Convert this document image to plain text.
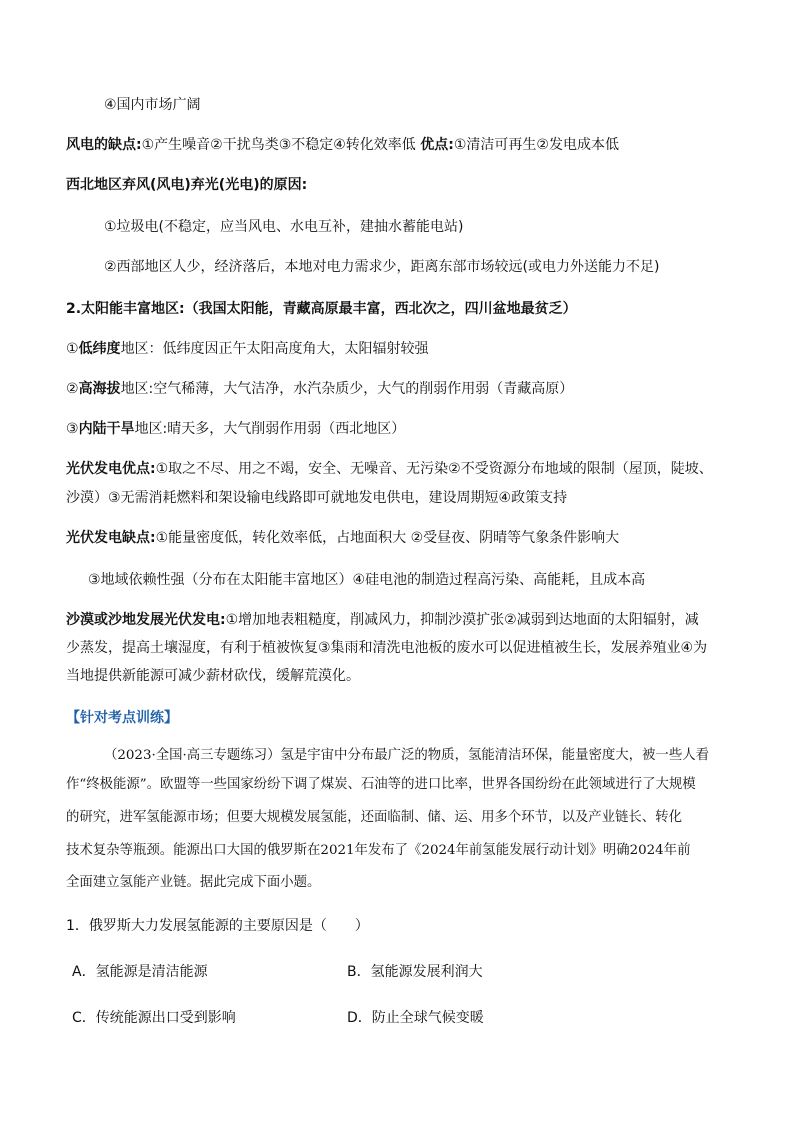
④国内市场广阔
风电的缺点:①产生噪音②干扰鸟类③不稳定④转化效率低 优点:①清洁可再生②发电成本低
西北地区弃风(风电)弃光(光电)的原因:
①垃圾电(不稳定，应当风电、水电互补，建抽水蓄能电站)
②西部地区人少，经济落后，本地对电力需求少，距离东部市场较远(或电力外送能力不足)
2.太阳能丰富地区:（我国太阳能，青藏高原最丰富，西北次之，四川盆地最贫乏）
①低纬度地区：低纬度因正午太阳高度角大，太阳辐射较强
②高海拔地区:空气稀薄，大气洁净，水汽杂质少，大气的削弱作用弱（青藏高原）
③内陆干旱地区:晴天多，大气削弱作用弱（西北地区）
光伏发电优点:①取之不尽、用之不竭，安全、无噪音、无污染②不受资源分布地域的限制（屋顶，陡坡、
沙漠）③无需消耗燃料和架设输电线路即可就地发电供电，建设周期短④政策支持
光伏发电缺点:①能量密度低，转化效率低，占地面积大 ②受昼夜、阴晴等气象条件影响大
③地域依赖性强（分布在太阳能丰富地区）④硅电池的制造过程高污染、高能耗，且成本高
沙漠或沙地发展光伏发电:①增加地表粗糙度，削减风力，抑制沙漠扩张②减弱到达地面的太阳辐射，减
少蒸发，提高土壤湿度，有利于植被恢复③集雨和清洗电池板的废水可以促进植被生长，发展养殖业④为
当地提供新能源可减少薪材砍伐，缓解荒漠化。
【针对考点训练】
（2023·全国·高三专题练习）氢是宇宙中分布最广泛的物质，氢能清洁环保，能量密度大，被一些人看
作“终极能源”。欧盟等一些国家纷纷下调了煤炭、石油等的进口比率，世界各国纷纷在此领域进行了大规模
的研究，进军氢能源市场；但要大规模发展氢能，还面临制、储、运、用多个环节，以及产业链长、转化
技术复杂等瓶颈。能源出口大国的俄罗斯在2021年发布了《2024年前氢能发展行动计划》明确2024年前
全面建立氢能产业链。据此完成下面小题。
1．俄罗斯大力发展氢能源的主要原因是（　　）
A．氢能源是清洁能源	B．氢能源发展利润大
C．传统能源出口受到影响	D．防止全球气候变暖
